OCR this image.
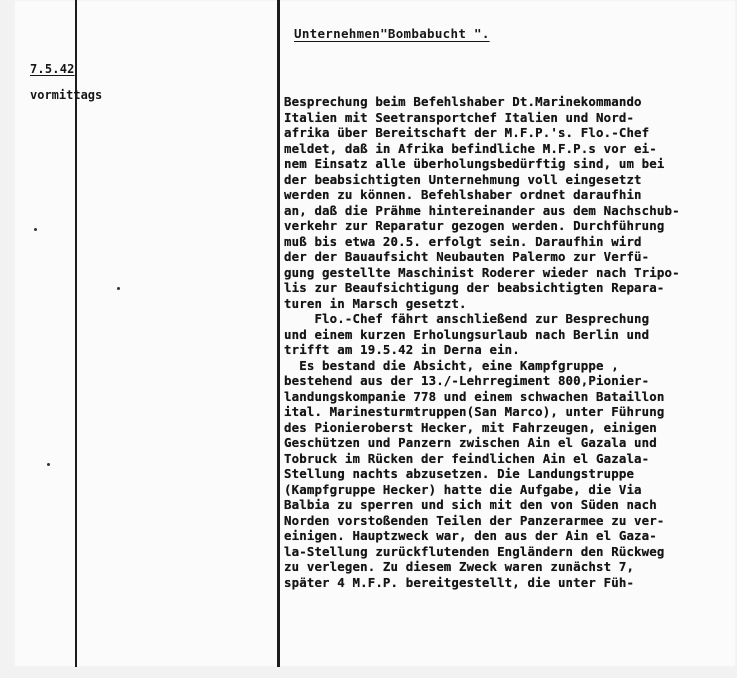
7.5.42
vormittags
Unternehmen"Bombabucht ".
Besprechung beim Befehlshaber Dt.Marinekommando
Italien mit Seetransportchef Italien und Nord-
afrika über Bereitschaft der M.F.P.'s. Flo.-Chef
meldet, daß in Afrika befindliche M.F.P.s vor ei-
nem Einsatz alle überholungsbedürftig sind, um bei
der beabsichtigten Unternehmung voll eingesetzt
werden zu können. Befehlshaber ordnet daraufhin
an, daß die Prähme hintereinander aus dem Nachschub-
verkehr zur Reparatur gezogen werden. Durchführung
muß bis etwa 20.5. erfolgt sein. Daraufhin wird
der der Bauaufsicht Neubauten Palermo zur Verfü-
gung gestellte Maschinist Roderer wieder nach Tripo-
lis zur Beaufsichtigung der beabsichtigten Repara-
turen in Marsch gesetzt.
Flo.-Chef fährt anschließend zur Besprechung
und einem kurzen Erholungsurlaub nach Berlin und
trifft am 19.5.42 in Derna ein.
Es bestand die Absicht, eine Kampfgruppe ,
bestehend aus der 13./-Lehrregiment 800,Pionier-
landungskompanie 778 und einem schwachen Bataillon
ital. Marinesturmtruppen(San Marco), unter Führung
des Pionieroberst Hecker, mit Fahrzeugen, einigen
Geschützen und Panzern zwischen Ain el Gazala und
Tobruck im Rücken der feindlichen Ain el Gazala-
Stellung nachts abzusetzen. Die Landungstruppe
(Kampfgruppe Hecker) hatte die Aufgabe, die Via
Balbia zu sperren und sich mit den von Süden nach
Norden vorstoßenden Teilen der Panzerarmee zu ver-
einigen. Hauptzweck war, den aus der Ain el Gaza-
la-Stellung zurückflutenden Engländern den Rückweg
zu verlegen. Zu diesem Zweck waren zunächst 7,
später 4 M.F.P. bereitgestellt, die unter Füh-
